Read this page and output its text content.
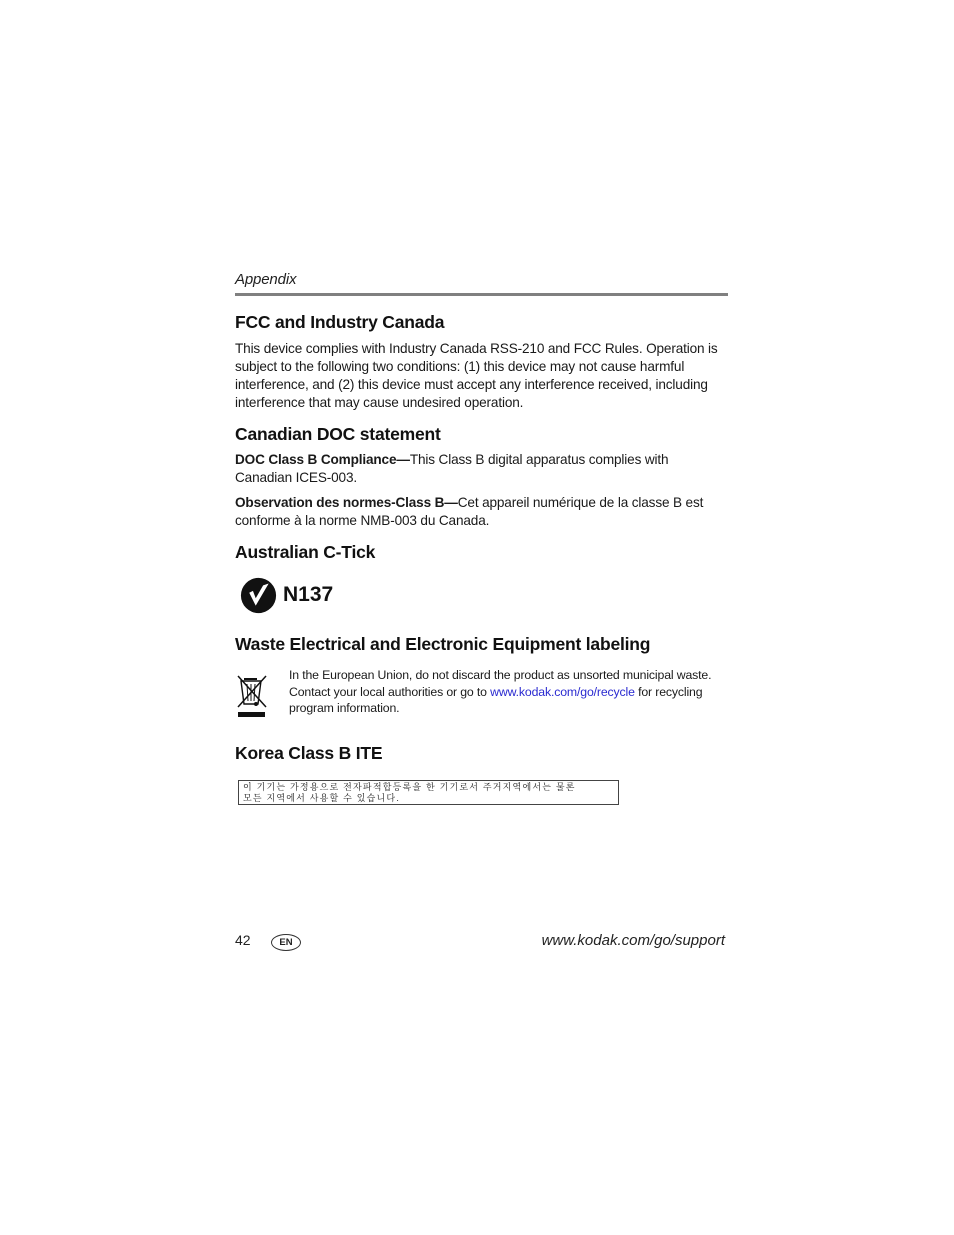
Appendix

FCC and Industry Canada

This device complies with Industry Canada RSS-210 and FCC Rules. Operation is subject to the following two conditions: (1) this device may not cause harmful interference, and (2) this device must accept any interference received, including interference that may cause undesired operation.

Canadian DOC statement

DOC Class B Compliance—This Class B digital apparatus complies with Canadian ICES-003.

Observation des normes-Class B—Cet appareil numérique de la classe B est conforme à la norme NMB-003 du Canada.

Australian C-Tick
N137
Waste Electrical and Electronic Equipment labeling
In the European Union, do not discard the product as unsorted municipal waste. Contact your local authorities or go to www.kodak.com/go/recycle for recycling program information.
Korea Class B ITE
이 기기는 가정용으로 전자파적합등록을 한 기기로서 주거지역에서는 물론
모든 지역에서 사용할 수 있습니다.
42	EN	www.kodak.com/go/support
